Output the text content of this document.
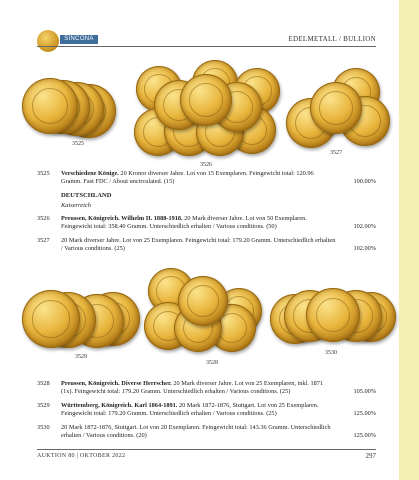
SINCONA	EDELMETALL / BULLION
3525
3526
3527
3525	Verschiedene Könige. 20 Kronor diverser Jahre. Lot von 15 Exemplaren. Feingewicht total: 120.96 Gramm. Fast FDC / About uncirculated. (15)	100.00%
DEUTSCHLAND
Kaiserreich
3526	Preussen, Königreich. Wilhelm II. 1888-1918. 20 Mark diverser Jahre. Lot von 50 Exemplaren. Feingewicht total: 358.40 Gramm. Unterschiedlich erhalten / Various conditions. (50)	102.00%
3527	20 Mark diverser Jahre. Lot von 25 Exemplaren. Feingewicht total: 179.20 Gramm. Unterschiedlich erhalten / Various conditions. (25)	102.00%
3529
3528
3530
3528	Preussen, Königreich. Diverse Herrscher. 20 Mark diverser Jahre. Lot von 25 Exemplaren, inkl. 1871 (1x). Feingewicht total: 179.20 Gramm. Unterschiedlich erhalten / Various conditions. (25)	105.00%
3529	Württemberg, Königreich. Karl 1864-1891. 20 Mark 1872-1876, Stuttgart. Lot von 25 Exemplaren. Feingewicht total: 179.20 Gramm. Unterschiedlich erhalten / Various conditions. (25)	125.00%
3530	20 Mark 1872-1876, Stuttgart. Lot von 20 Exemplaren. Feingewicht total: 143.36 Gramm. Unterschiedlich erhalten / Various conditions. (20)	125.00%
AUKTION 80 | OKTOBER 2022	297
